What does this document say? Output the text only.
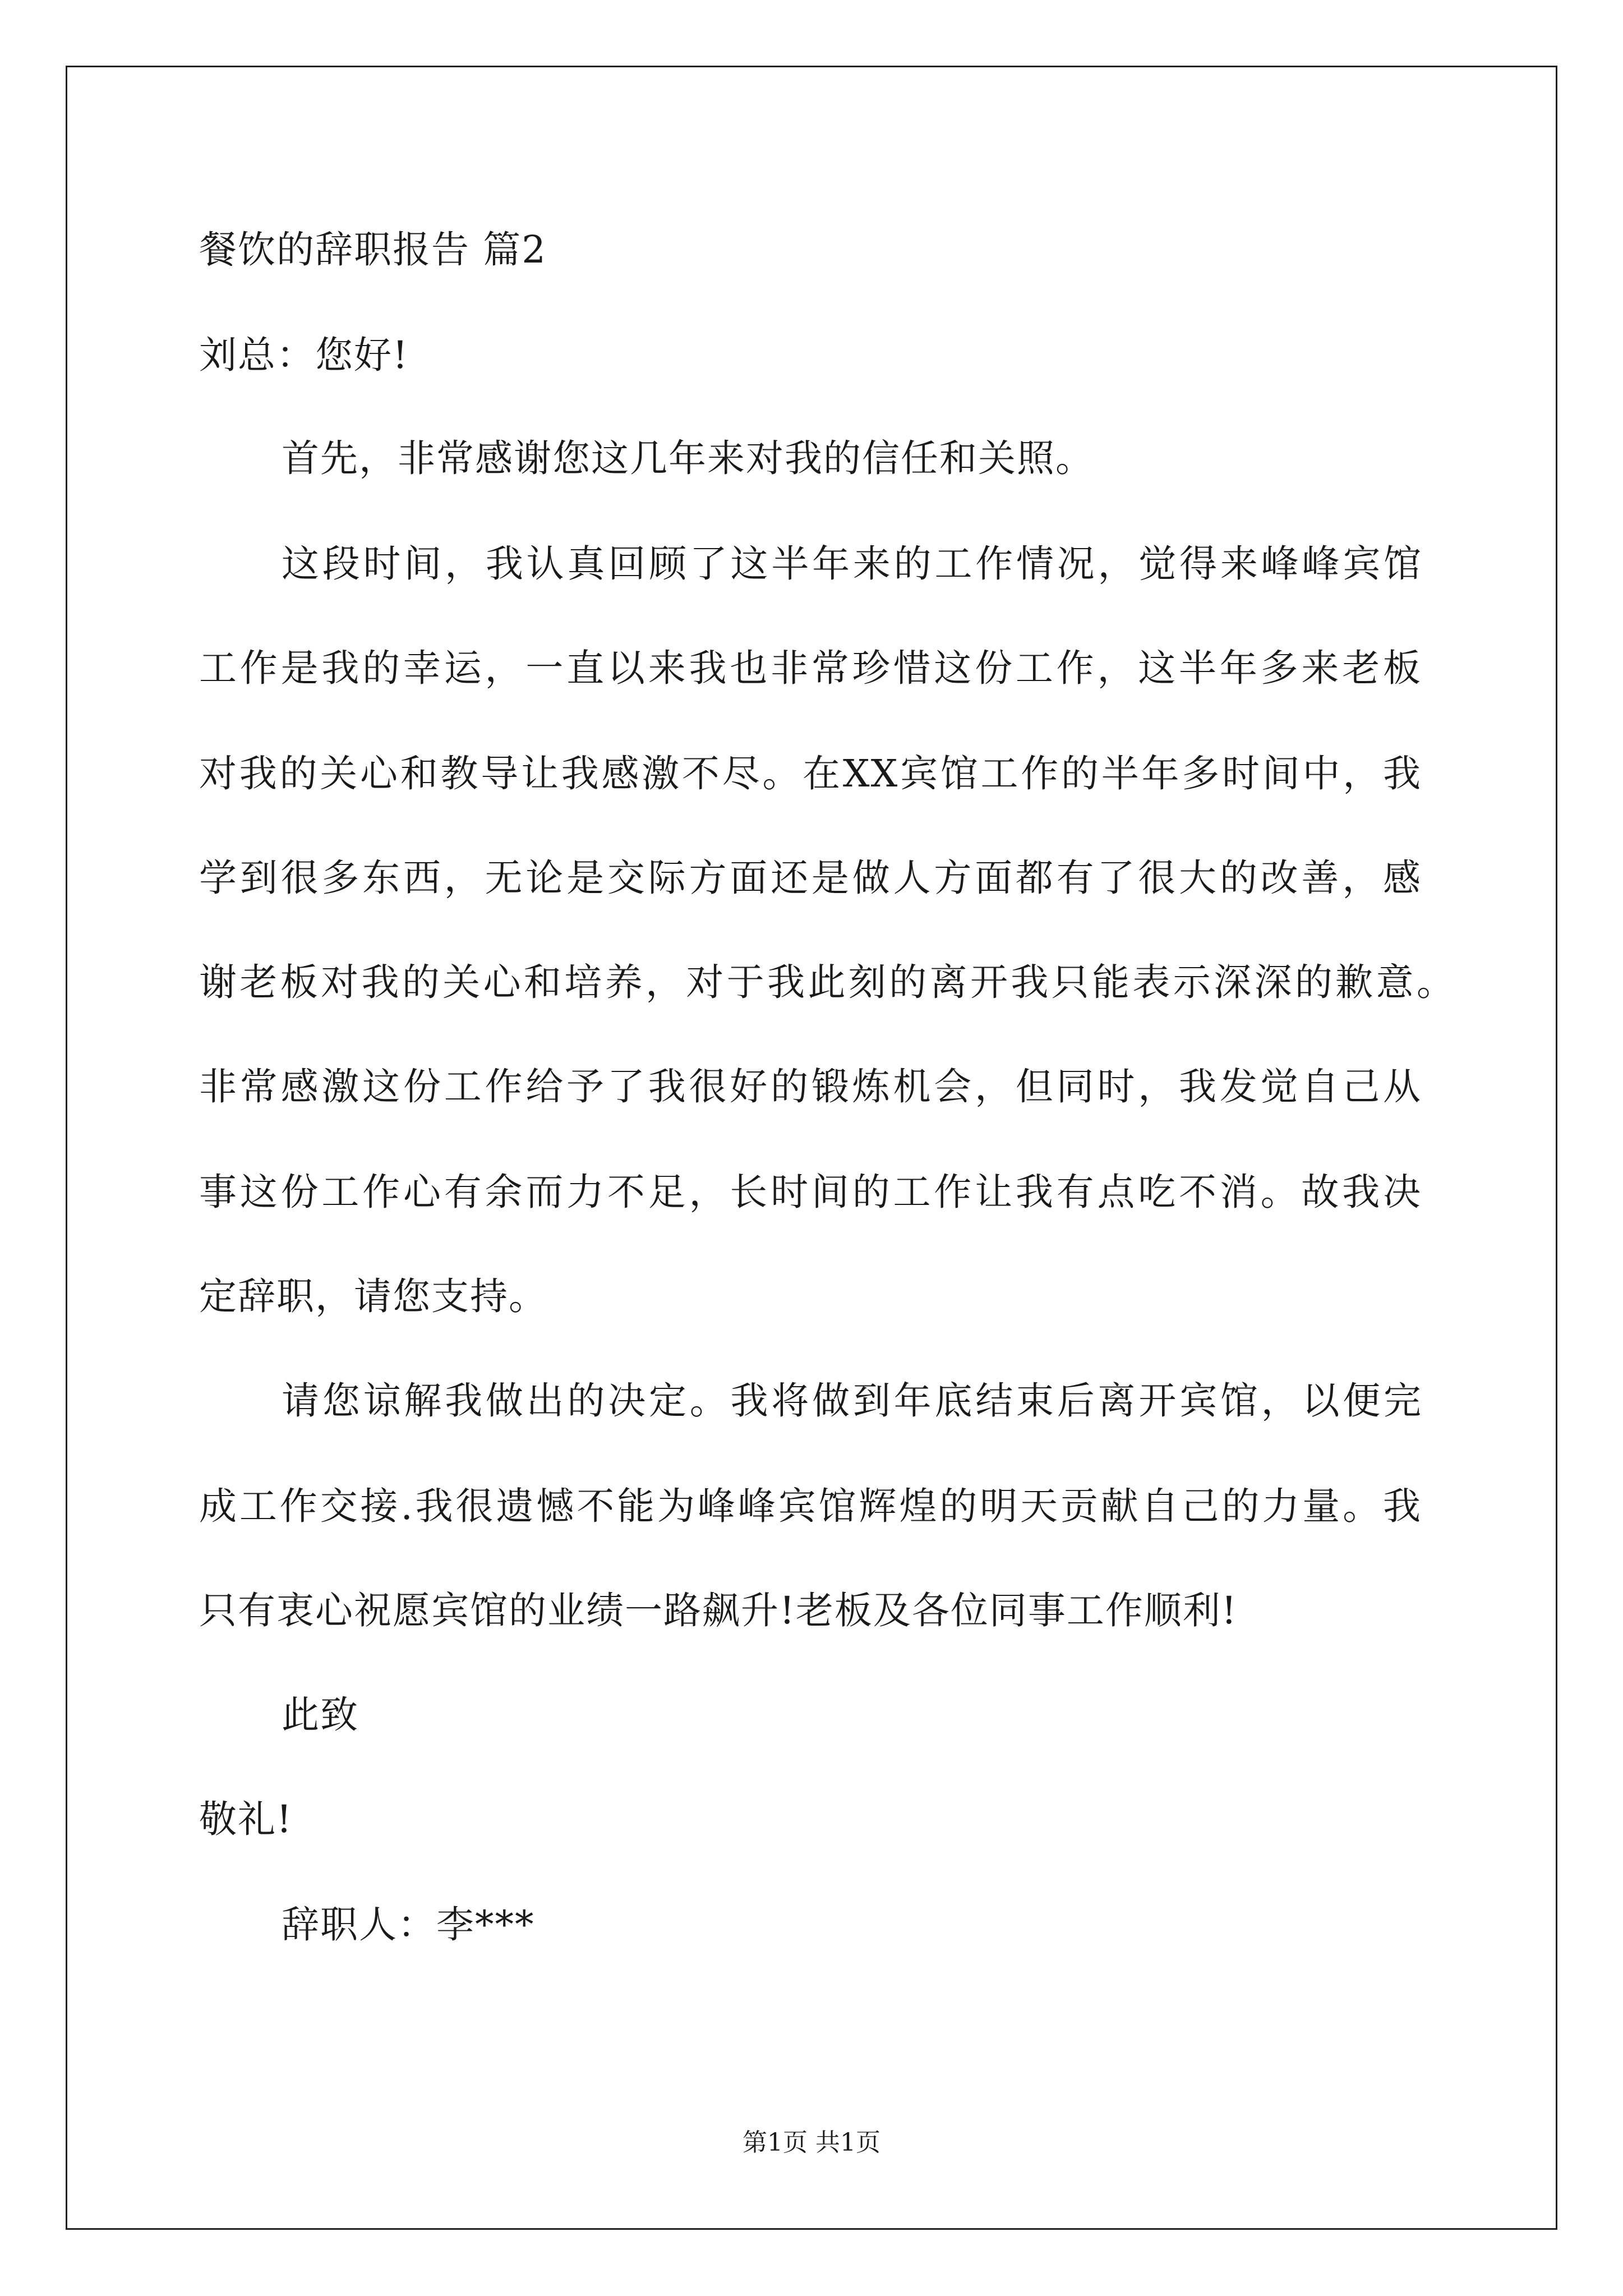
餐饮的辞职报告 篇2
刘总：您好!
首先，非常感谢您这几年来对我的信任和关照。
这段时间，我认真回顾了这半年来的工作情况，觉得来峰峰宾馆
工作是我的幸运，一直以来我也非常珍惜这份工作，这半年多来老板
对我的关心和教导让我感激不尽。在XX宾馆工作的半年多时间中，我
学到很多东西，无论是交际方面还是做人方面都有了很大的改善，感
谢老板对我的关心和培养，对于我此刻的离开我只能表示深深的歉意。
非常感激这份工作给予了我很好的锻炼机会，但同时，我发觉自己从
事这份工作心有余而力不足，长时间的工作让我有点吃不消。故我决
定辞职，请您支持。
请您谅解我做出的决定。我将做到年底结束后离开宾馆，以便完
成工作交接.我很遗憾不能为峰峰宾馆辉煌的明天贡献自己的力量。我
只有衷心祝愿宾馆的业绩一路飙升!老板及各位同事工作顺利!
此致
敬礼!
辞职人：李***
第1页 共1页
